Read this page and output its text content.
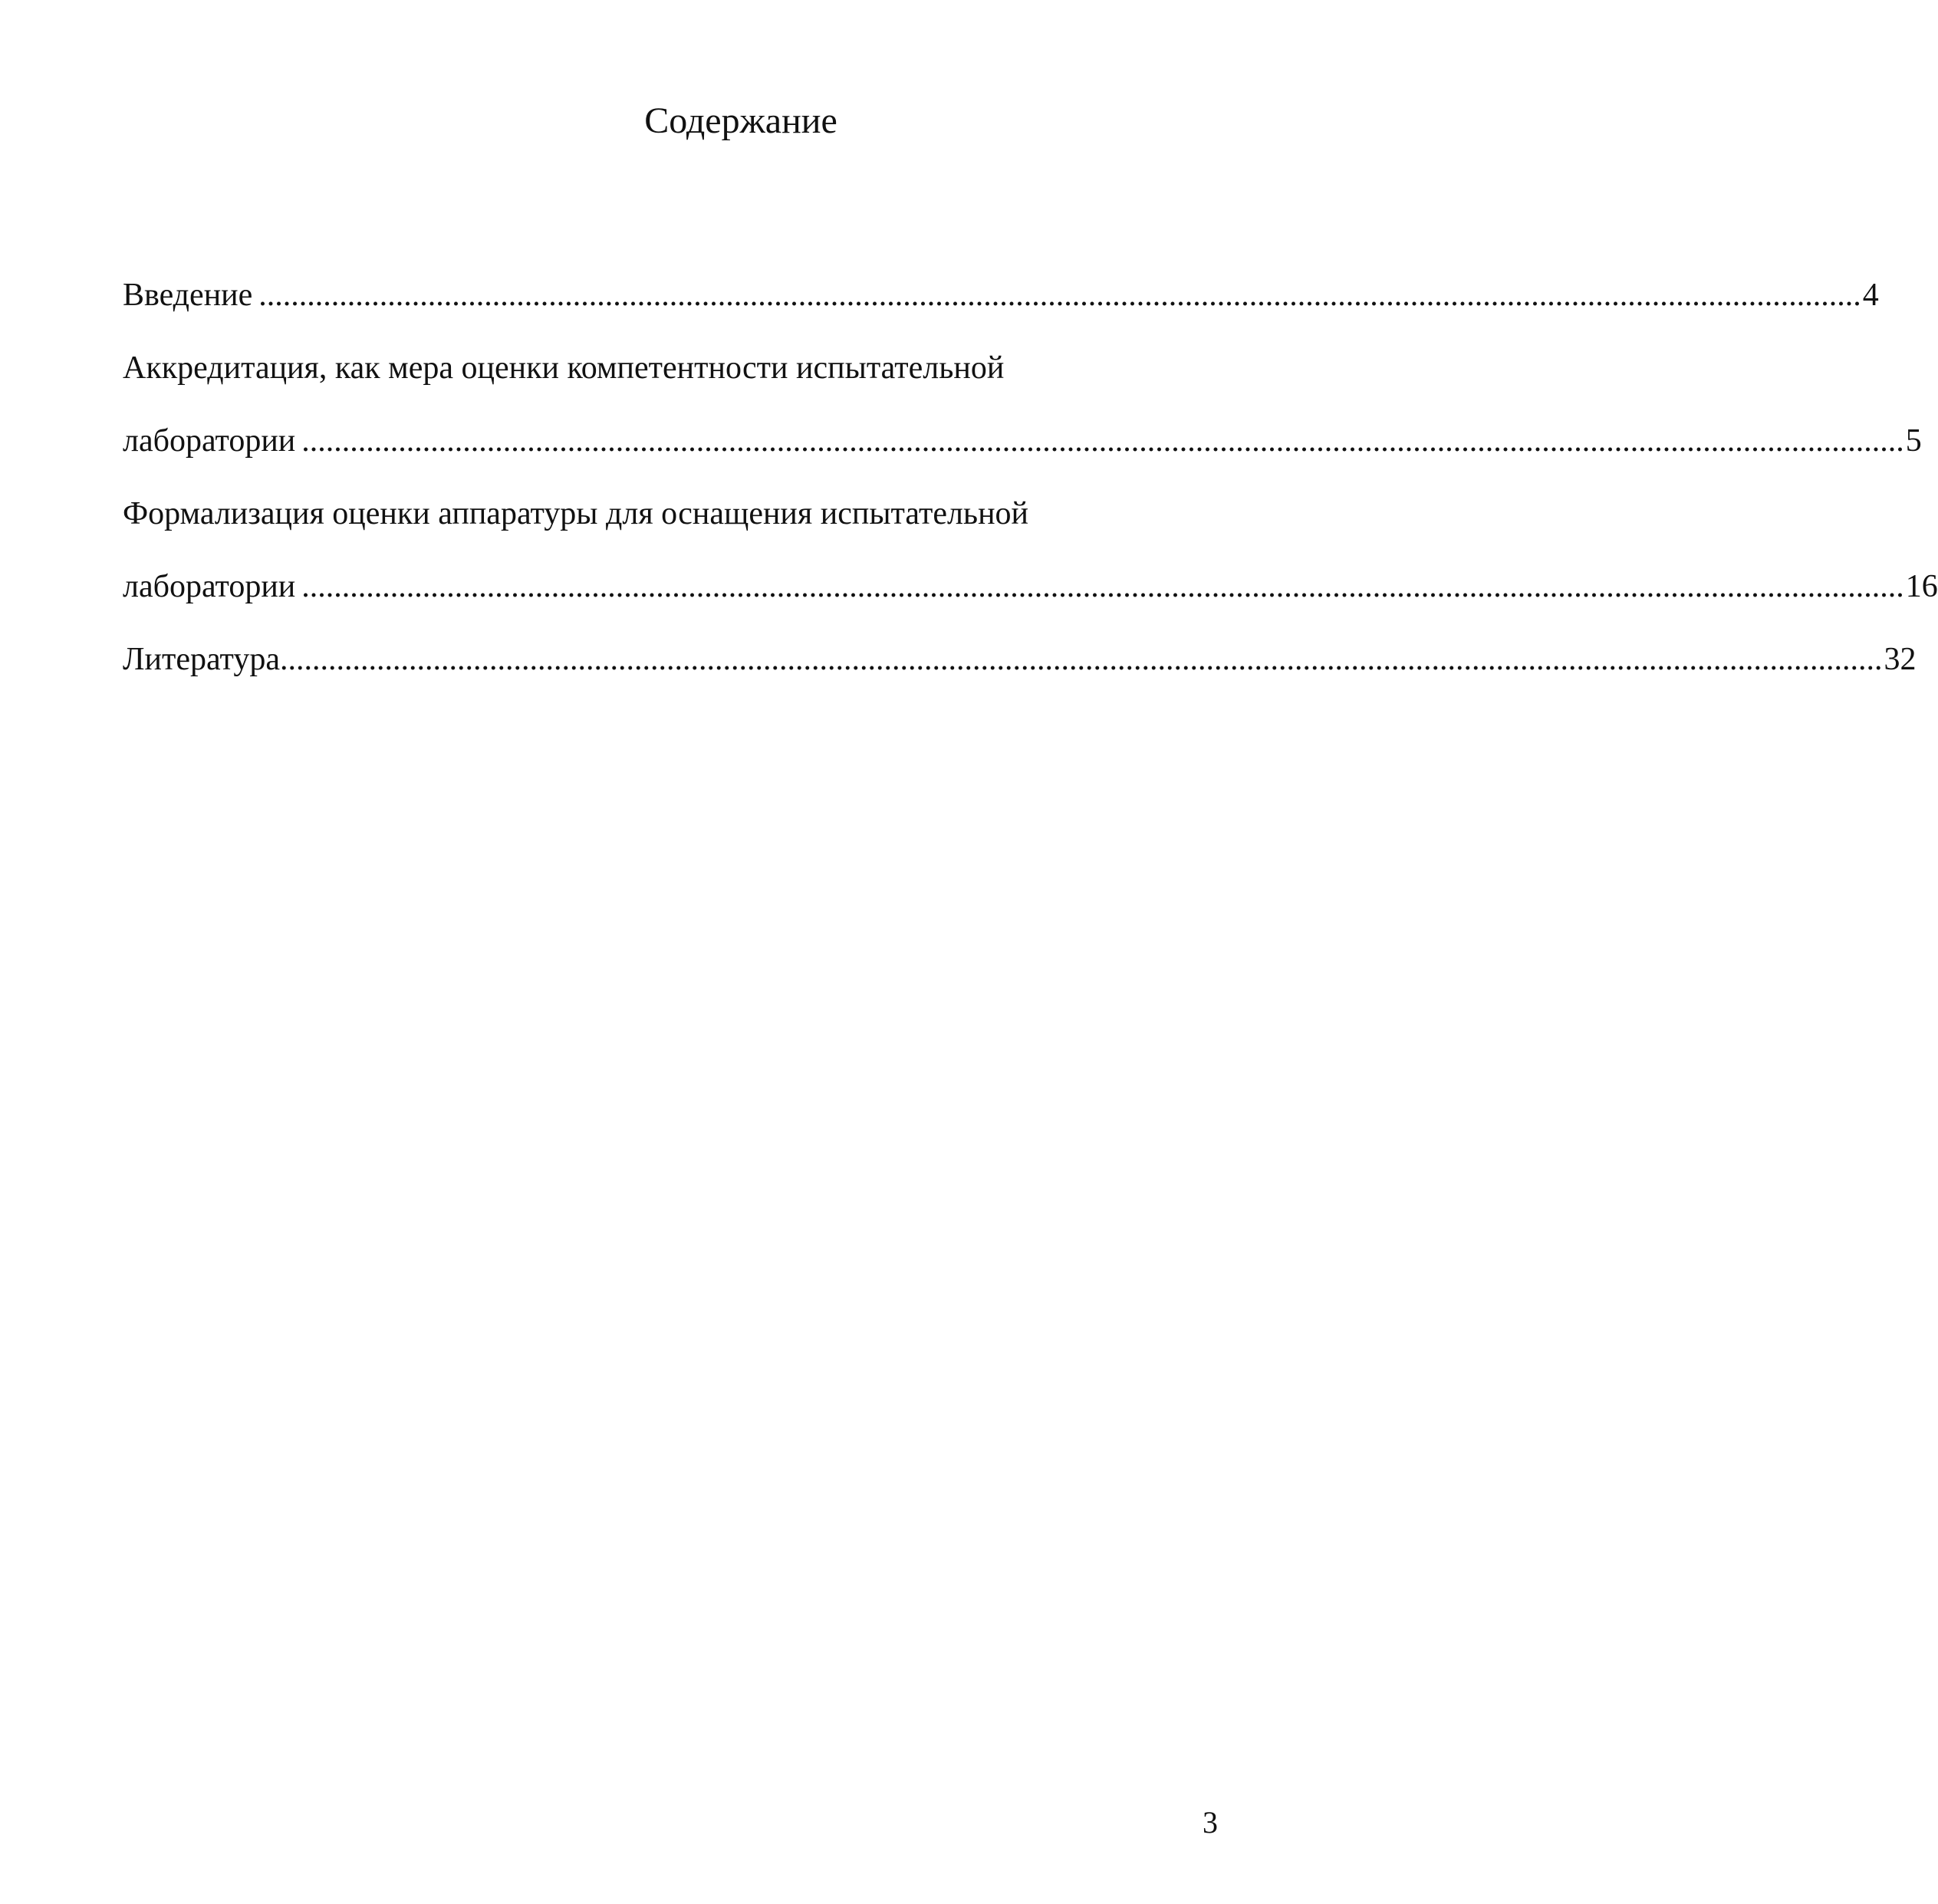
Содержание
Введение ....................................................................................................................................................................................................... 4
Аккредитация, как мера оценки компетентности испытательной
лаборатории ....................................................................................................................................................................................................... 5
Формализация оценки аппаратуры для оснащения испытательной
лаборатории ....................................................................................................................................................................................................... 16
Литература ....................................................................................................................................................................................................... 32
3
